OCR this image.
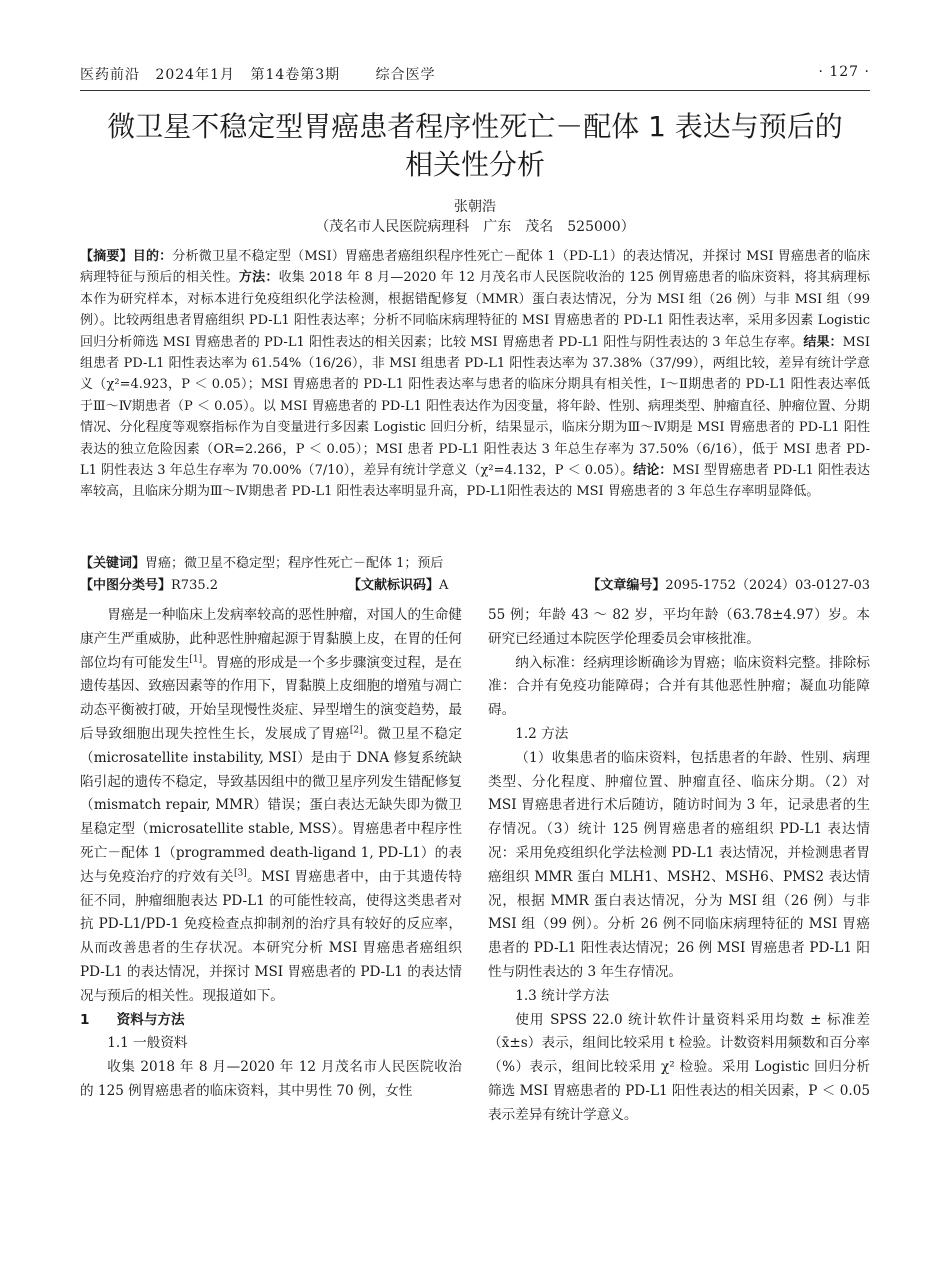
医药前沿 2024年1月 第14卷第3期	综合医学	· 127 ·
微卫星不稳定型胃癌患者程序性死亡－配体 1 表达与预后的
相关性分析
张朝浩
（茂名市人民医院病理科　广东　茂名　525000）
【摘要】目的：分析微卫星不稳定型（MSI）胃癌患者癌组织程序性死亡－配体 1（PD-L1）的表达情况，并探讨 MSI 胃癌患者的临床病理特征与预后的相关性。方法：收集 2018 年 8 月—2020 年 12 月茂名市人民医院收治的 125 例胃癌患者的临床资料，将其病理标本作为研究样本，对标本进行免疫组织化学法检测，根据错配修复（MMR）蛋白表达情况，分为 MSI 组（26 例）与非 MSI 组（99 例）。比较两组患者胃癌组织 PD-L1 阳性表达率；分析不同临床病理特征的 MSI 胃癌患者的 PD-L1 阳性表达率，采用多因素 Logistic 回归分析筛选 MSI 胃癌患者的 PD-L1 阳性表达的相关因素；比较 MSI 胃癌患者 PD-L1 阳性与阴性表达的 3 年总生存率。结果：MSI 组患者 PD-L1 阳性表达率为 61.54%（16/26），非 MSI 组患者 PD-L1 阳性表达率为 37.38%（37/99），两组比较，差异有统计学意义（χ²=4.923，P ＜ 0.05）；MSI 胃癌患者的 PD-L1 阳性表达率与患者的临床分期具有相关性，Ⅰ～Ⅱ期患者的 PD-L1 阳性表达率低于Ⅲ～Ⅳ期患者（P ＜ 0.05）。以 MSI 胃癌患者的 PD-L1 阳性表达作为因变量，将年龄、性别、病理类型、肿瘤直径、肿瘤位置、分期情况、分化程度等观察指标作为自变量进行多因素 Logistic 回归分析，结果显示，临床分期为Ⅲ～Ⅳ期是 MSI 胃癌患者的 PD-L1 阳性表达的独立危险因素（OR=2.266，P ＜ 0.05）；MSI 患者 PD-L1 阳性表达 3 年总生存率为 37.50%（6/16），低于 MSI 患者 PD-L1 阴性表达 3 年总生存率为 70.00%（7/10），差异有统计学意义（χ²=4.132，P ＜ 0.05）。结论：MSI 型胃癌患者 PD-L1 阳性表达率较高，且临床分期为Ⅲ～Ⅳ期患者 PD-L1 阳性表达率明显升高，PD-L1阳性表达的 MSI 胃癌患者的 3 年总生存率明显降低。
【关键词】胃癌；微卫星不稳定型；程序性死亡－配体 1；预后
【中图分类号】R735.2	【文献标识码】A	【文章编号】2095-1752（2024）03-0127-03

胃癌是一种临床上发病率较高的恶性肿瘤，对国人的生命健康产生严重威胁，此种恶性肿瘤起源于胃黏膜上皮，在胃的任何部位均有可能发生[1]。胃癌的形成是一个多步骤演变过程，是在遗传基因、致癌因素等的作用下，胃黏膜上皮细胞的增殖与凋亡动态平衡被打破，开始呈现慢性炎症、异型增生的演变趋势，最后导致细胞出现失控性生长，发展成了胃癌[2]。微卫星不稳定（microsatellite instability, MSI）是由于 DNA 修复系统缺陷引起的遗传不稳定，导致基因组中的微卫星序列发生错配修复（mismatch repair, MMR）错误；蛋白表达无缺失即为微卫星稳定型（microsatellite stable, MSS）。胃癌患者中程序性死亡－配体 1（programmed death-ligand 1, PD-L1）的表达与免疫治疗的疗效有关[3]。MSI 胃癌患者中，由于其遗传特征不同，肿瘤细胞表达 PD-L1 的可能性较高，使得这类患者对抗 PD-L1/PD-1 免疫检查点抑制剂的治疗具有较好的反应率，从而改善患者的生存状况。本研究分析 MSI 胃癌患者癌组织 PD-L1 的表达情况，并探讨 MSI 胃癌患者的 PD-L1 的表达情况与预后的相关性。现报道如下。

1　　资料与方法

1.1 一般资料

收集 2018 年 8 月—2020 年 12 月茂名市人民医院收治的 125 例胃癌患者的临床资料，其中男性 70 例，女性

55 例；年龄 43 ～ 82 岁，平均年龄（63.78±4.97）岁。本研究已经通过本院医学伦理委员会审核批准。

纳入标准：经病理诊断确诊为胃癌；临床资料完整。排除标准：合并有免疫功能障碍；合并有其他恶性肿瘤；凝血功能障碍。

1.2 方法

（1）收集患者的临床资料，包括患者的年龄、性别、病理类型、分化程度、肿瘤位置、肿瘤直径、临床分期。（2）对 MSI 胃癌患者进行术后随访，随访时间为 3 年，记录患者的生存情况。（3）统计 125 例胃癌患者的癌组织 PD-L1 表达情况：采用免疫组织化学法检测 PD-L1 表达情况，并检测患者胃癌组织 MMR 蛋白 MLH1、MSH2、MSH6、PMS2 表达情况，根据 MMR 蛋白表达情况，分为 MSI 组（26 例）与非 MSI 组（99 例）。分析 26 例不同临床病理特征的 MSI 胃癌患者的 PD-L1 阳性表达情况；26 例 MSI 胃癌患者 PD-L1 阳性与阴性表达的 3 年生存情况。

1.3 统计学方法

使用 SPSS 22.0 统计软件计量资料采用均数 ± 标准差（x̄±s）表示，组间比较采用 t 检验。计数资料用频数和百分率（%）表示，组间比较采用 χ² 检验。采用 Logistic 回归分析筛选 MSI 胃癌患者的 PD-L1 阳性表达的相关因素，P ＜ 0.05 表示差异有统计学意义。
